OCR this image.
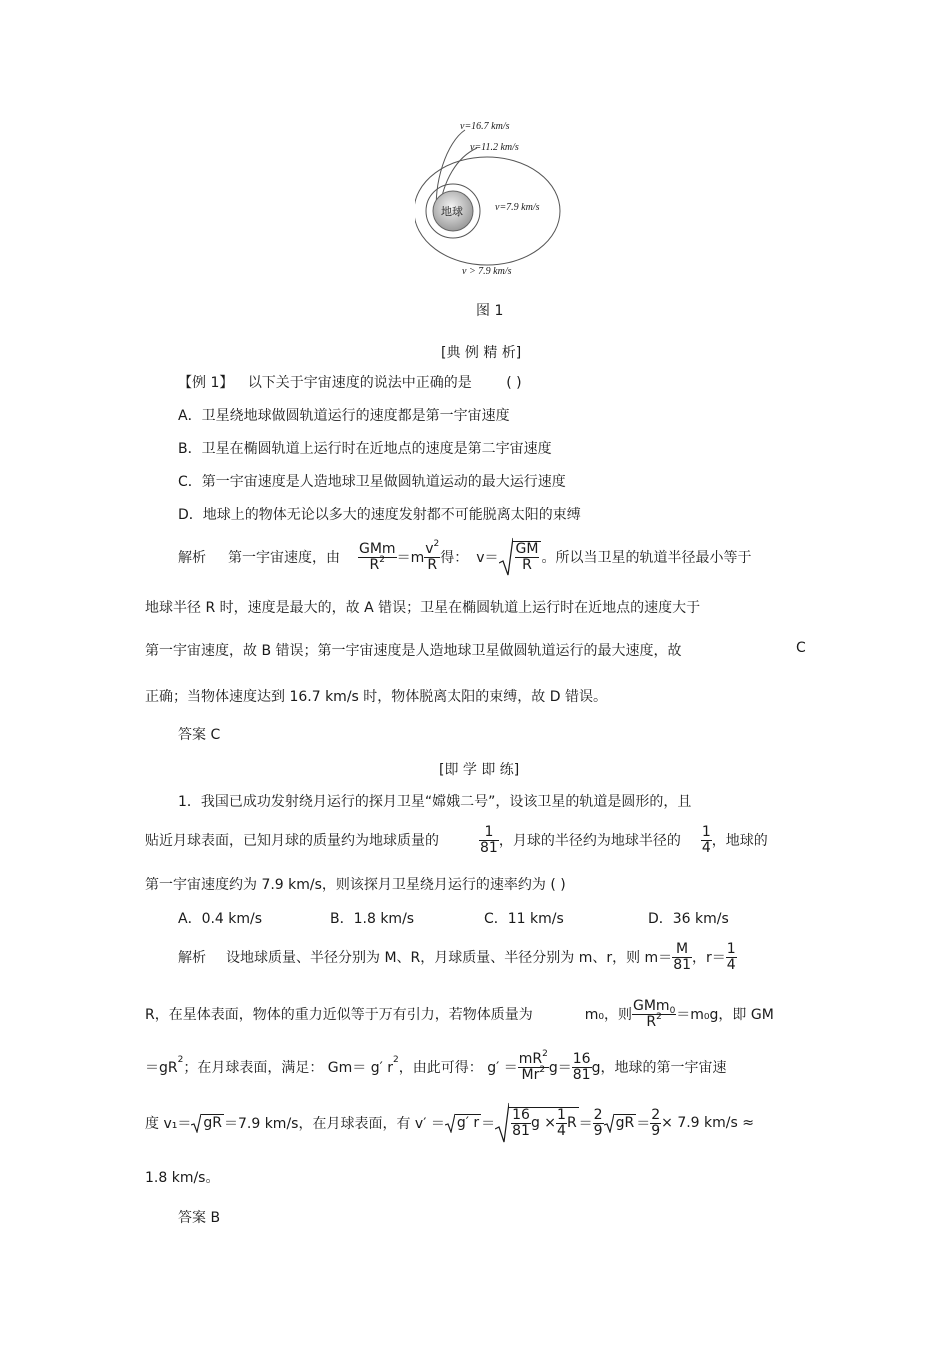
v=16.7 km/s
v=11.2 km/s
地球	v=7.9 km/s
v > 7.9 km/s
图 1
[典 例 精 析]
【例 1】 以下关于宇宙速度的说法中正确的是 ( )
A．卫星绕地球做圆轨道运行的速度都是第一宇宙速度
B．卫星在椭圆轨道上运行时在近地点的速度是第二宇宙速度
C．第一宇宙速度是人造地球卫星做圆轨道运动的最大运行速度
D．地球上的物体无论以多大的速度发射都不可能脱离太阳的束缚
解析 第一宇宙速度，由 $\frac{\text{GMm}}{R^2} =m \frac{v^2}{R}$ 得： $v= \frac{GM}{R}$ 。所以当卫星的轨道半径最小等于
地球半径 R 时，速度是最大的，故 A 错误；卫星在椭圆轨道上运行时在近地点的速度大于
第一宇宙速度，故 B 错误；第一宇宙速度是人造地球卫星做圆轨道运行的最大速度，故	C
正确；当物体速度达到 16.7 km/s 时，物体脱离太阳的束缚，故 D 错误。
答案 C
[即 学 即 练]
1．我国已成功发射绕月运行的探月卫星“嫦娥二号”，设该卫星的轨道是圆形的，且
贴近月球表面，已知月球的质量约为地球质量的	$\frac{1}{81}$ ，月球的半径约为地球半径的 $\frac{1}{4}$ ，地球的
第一宇宙速度约为 7.9 km/s，则该探月卫星绕月运行的速率约为 ( )
A．0.4 km/s	B．1.8 km/s	C．11 km/s	D．36 km/s
解析 设地球质量、半径分别为 M、R，月球质量、半径分别为 m、r，则 $m= \frac{M}{81}$ ，$r= \frac{1}{4}$
R，在星体表面，物体的重力近似等于万有引力，若物体质量为	m₀，则 $\frac{GMm_0}{R^2} =m_0g$，即 GM
＝gR 2 ；在月球表面，满足： Gm＝ g′ r 2 ，由此可得： $g' = \frac{mR^2}{Mr^2} g= \frac{16}{81}$ g，地球的第一宇宙速
度 v₁＝ gR ＝7.9 km/s，在月球表面，有 v′ ＝ g′ $r = \frac{16}{81}$ $g \times \frac{1}{4}$ $R = \frac{2}{9}$ gR ＝ $\frac{2}{9} \times 7.9$ km/s ≈
1.8 km/s。
答案 B
